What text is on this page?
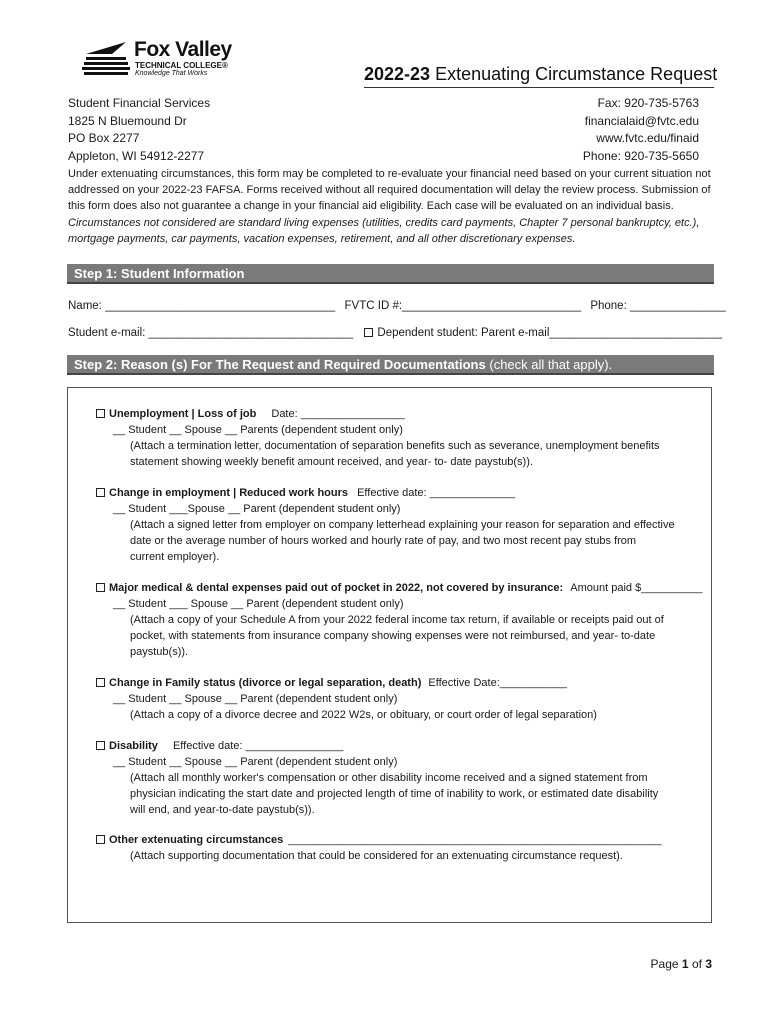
Fox Valley
TECHNICAL COLLEGE®
Knowledge That Works	2022-23 Extenuating Circumstance Request
Student Financial Services
1825 N Bluemound Dr
PO Box 2277
Appleton, WI 54912-2277
Fax: 920-735-5763
financialaid@fvtc.edu
www.fvtc.edu/finaid
Phone: 920-735-5650
Under extenuating circumstances, this form may be completed to re-evaluate your financial need based on your current situation not addressed on your 2022-23 FAFSA. Forms received without all required documentation will delay the review process. Submission of this form does also not guarantee a change in your financial aid eligibility. Each case will be evaluated on an individual basis. Circumstances not considered are standard living expenses (utilities, credits card payments, Chapter 7 personal bankruptcy, etc.), mortgage payments, car payments, vacation expenses, retirement, and all other discretionary expenses.
Step 1: Student Information
Name: ____________________________________ FVTC ID #:____________________________ Phone: _______________
Student e-mail: ________________________________ Dependent student: Parent e-mail___________________________
Step 2: Reason (s) For The Request and Required Documentations (check all that apply).
Unemployment | Loss of job Date: _________________
__ Student __ Spouse __ Parents (dependent student only)
(Attach a termination letter, documentation of separation benefits such as severance, unemployment benefits
statement showing weekly benefit amount received, and year- to- date paystub(s)).
Change in employment | Reduced work hours Effective date: ______________
__ Student ___Spouse __ Parent (dependent student only)
(Attach a signed letter from employer on company letterhead explaining your reason for separation and effective
date or the average number of hours worked and hourly rate of pay, and two most recent pay stubs from
current employer).
Major medical & dental expenses paid out of pocket in 2022, not covered by insurance: Amount paid $__________
__ Student ___ Spouse __ Parent (dependent student only)
(Attach a copy of your Schedule A from your 2022 federal income tax return, if available or receipts paid out of
pocket, with statements from insurance company showing expenses were not reimbursed, and year- to-date
paystub(s)).
Change in Family status (divorce or legal separation, death) Effective Date:___________
__ Student __ Spouse __ Parent (dependent student only)
(Attach a copy of a divorce decree and 2022 W2s, or obituary, or court order of legal separation)
Disability Effective date: ________________
__ Student __ Spouse __ Parent (dependent student only)
(Attach all monthly worker's compensation or other disability income received and a signed statement from
physician indicating the start date and projected length of time of inability to work, or estimated date disability
will end, and year-to-date paystub(s)).
Other extenuating circumstances _____________________________________________________________
(Attach supporting documentation that could be considered for an extenuating circumstance request).
Page 1 of 3
